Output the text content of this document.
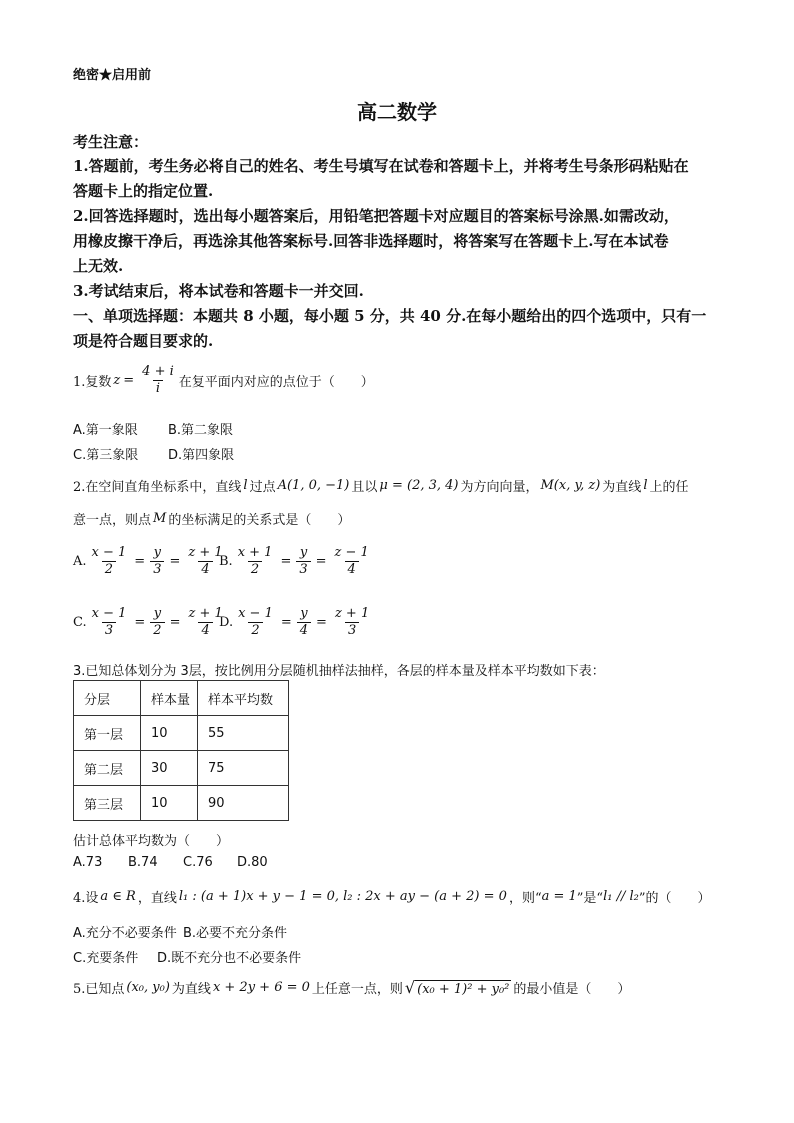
绝密★启用前
高二数学
考生注意：
1.答题前，考生务必将自己的姓名、考生号填写在试卷和答题卡上，并将考生号条形码粘贴在
答题卡上的指定位置.
2.回答选择题时，选出每小题答案后，用铅笔把答题卡对应题目的答案标号涂黑.如需改动，
用橡皮擦干净后，再选涂其他答案标号.回答非选择题时，将答案写在答题卡上.写在本试卷
上无效.
3.考试结束后，将本试卷和答题卡一并交回.
一、单项选择题：本题共 8 小题，每小题 5 分，共 40 分.在每小题给出的四个选项中，只有一
项是符合题目要求的.
1.复数 $z = \frac{4 + i}{i}$ 在复平面内对应的点位于（　　）
A.第一象限 B.第二象限
C.第三象限 D.第四象限
2.在空间直角坐标系中，直线 l 过点 A(1, 0, −1) 且以 μ = (2, 3, 4) 为方向向量， M(x, y, z) 为直线 l 上的任
意一点，则点 M 的坐标满足的关系式是（　　）
A. $\frac{x - 1}{2} = \frac{y}{3} = \frac{z + 1}{4}$
B. $\frac{x + 1}{2} = \frac{y}{3} = \frac{z - 1}{4}$
C. $\frac{x - 1}{3} = \frac{y}{2} = \frac{z + 1}{4}$
D. $\frac{x - 1}{2} = \frac{y}{4} = \frac{z + 1}{3}$
3.已知总体划分为 3层，按比例用分层随机抽样法抽样，各层的样本量及样本平均数如下表：
分层	样本量	样本平均数
第一层	10	55
第二层	30	75
第三层	10	90
估计总体平均数为（　　）
A.73 B.74 C.76 D.80
4.设 a ∈ R ，直线 l₁ : (a + 1)x + y − 1 = 0, l₂ : 2x + ay − (a + 2) = 0 ，则“ a = 1 ”是“ l₁ // l₂ ”的（　　）
A.充分不必要条件 B.必要不充分条件
C.充要条件 D.既不充分也不必要条件
5.已知点 (x₀, y₀) 为直线 x + 2y + 6 = 0 上任意一点，则 √ (x₀ + 1)² + y₀² 的最小值是（　　）
